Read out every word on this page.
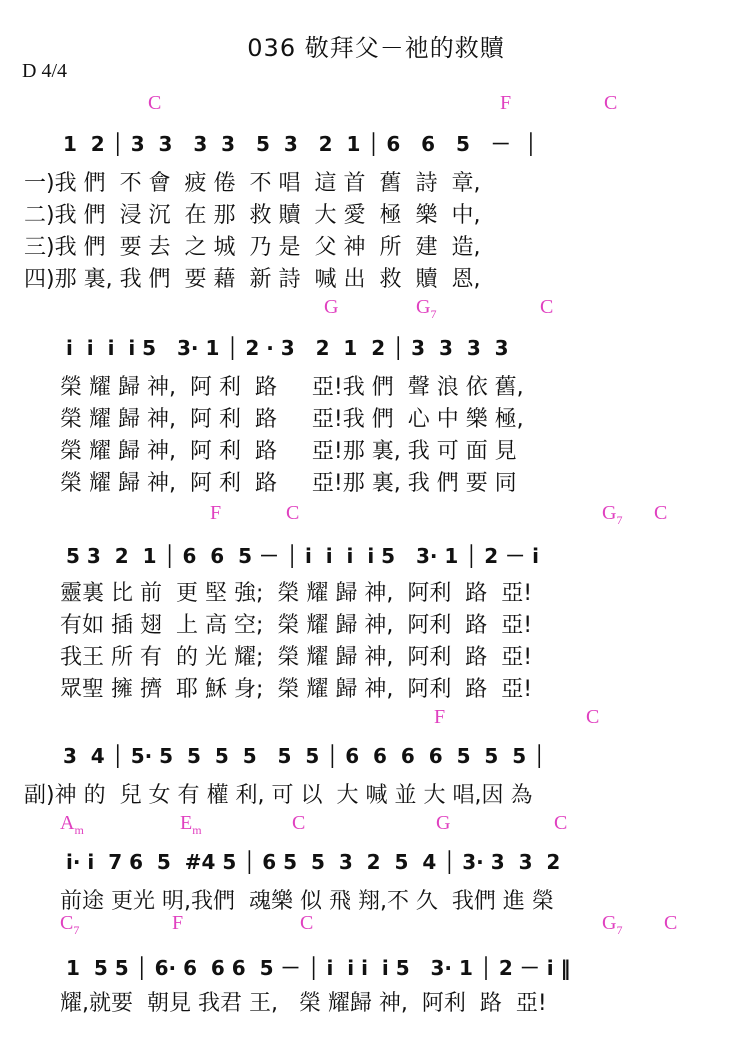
036 敬拜父－祂的救贖
D 4/4
C	F	C
1  2 │ 3  3   3  3   5  3   2  1 │ 6   6   5   －  │
一)我 們  不 會  疲 倦  不 唱  這 首  舊  詩  章,
二)我 們  浸 沉  在 那  救 贖  大 愛  極  樂  中,
三)我 們  要 去  之 城  乃 是  父 神  所  建  造,
四)那 裏, 我 們  要 藉  新 詩  喊 出  救  贖  恩,
G	$G_7$	C
i  i  i  i 5   3· 1 │ 2 · 3   2  1  2 │ 3  3  3  3
榮 耀 歸 神,  阿 利  路     亞!我 們  聲 浪 依 舊,
榮 耀 歸 神,  阿 利  路     亞!我 們  心 中 樂 極,
榮 耀 歸 神,  阿 利  路     亞!那 裏, 我 可 面 見
榮 耀 歸 神,  阿 利  路     亞!那 裏, 我 們 要 同
F	C	$G_7$ C
5 3  2  1 │ 6  6  5 － │ i  i  i  i 5   3· 1 │ 2 － i
靈裏 比 前  更 堅 強;  榮 耀 歸 神,  阿利  路  亞!
有如 插 翅  上 高 空;  榮 耀 歸 神,  阿利  路  亞!
我王 所 有  的 光 耀;  榮 耀 歸 神,  阿利  路  亞!
眾聖 擁 擠  耶 穌 身;  榮 耀 歸 神,  阿利  路  亞!
F	C
3  4 │ 5· 5  5  5  5   5  5 │ 6  6  6  6  5  5  5 │
副)神 的  兒 女 有 權 利, 可 以  大 喊 並 大 唱,因 為
$A_m$	$E_m$	C	G	C
i· i  7 6  5  #4 5 │ 6 5  5  3  2  5  4 │ 3· 3  3  2
前途 更光 明,我們  魂樂 似 飛 翔,不 久  我們 進 榮
$C_7$	F	C	$G_7$ C
1  5 5 │ 6· 6  6 6  5 － │ i  i i  i 5   3· 1 │ 2 － i ‖
耀,就要  朝見 我君 王,   榮 耀歸 神,  阿利  路  亞!
